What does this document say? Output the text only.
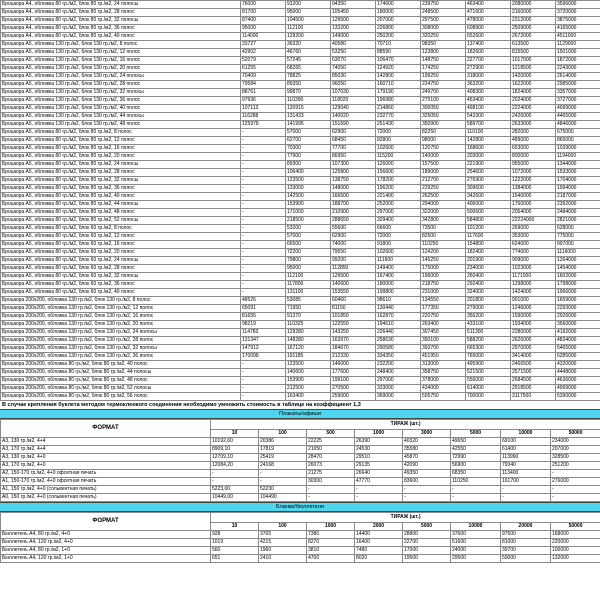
Брошюра А4, обложка 80 гр./м2, блок 80 гр./м2, 24 полосы	76000	91200	94350	174600	239750	463400	2080000	3596000
Брошюра А4, обложка 80 гр./м2, блок 80 гр./м2, 28 полос	81700	95000	105450	180000	248500	471600	2160000	3720000
Брошюра А4, обложка 80 гр./м2, блок 80 гр./м2, 32 полосы	87400	104500	129500	207000	297500	478000	2312000	3875000
Брошюра А4, обложка 80 гр./м2, блок 80 гр./м2, 36 полос	95000	112100	133200	226800	308000	608900	2509000	4165000
Брошюра А4, обложка 80 гр./м2, блок 80 гр./м2, 40 полос	114000	129200	149000	250200	320250	652600	2672000	4511000
Брошюра А5, обложка 130 гр./м2, блок 130 гр./м2, 8 полос	33727	36320	40580	70710	98350	137400	613500	1129000
Брошюра А5, обложка 130 гр./м2, блок 130 гр./м2, 12 полос	42902	46760	53250	88590	123800	182600	815500	1501000
Брошюра А5, обложка 130 гр./м2, блок 130 гр./м2, 16 полос	52079	57245	63070	106470	148750	227700	1017000	1872000
Брошюра А5, обложка 130 гр./м2, блок 130 гр./м2, 20 полос	61255	68265	74050	124920	174250	272900	1218500	2243000
Брошюра А5, обложка 130 гр./м2, блок 130 гр./м2, 24 полосы	70409	78825	85030	142800	199250	318000	1420000	2614000
Брошюра А5, обложка 130 гр./м2, блок 130 гр./м2, 28 полос	79584	89350	96050	160710	224750	363200	1622000	2985000
Брошюра А5, обложка 130 гр./м2, блок 130 гр./м2, 32 полосы	88761	99870	107030	179190	249700	408300	1824000	3357000
Брошюра А5, обложка 130 гр./м2, блок 130 гр./м2, 36 полос	97936	110390	118020	196980	275100	453400	2024000	3727000
Брошюра А5, обложка 130 гр./м2, блок 130 гр./м2, 40 полос	107113	120915	129040	214860	300050	498100	2224000	4099000
Брошюра А5, обложка 130 гр./м2, блок 130 гр./м2, 44 полосы	116288	131433	140020	232770	325050	543300	2426000	4465000
Брошюра А5, обложка 130 гр./м2, блок 130 гр./м2, 48 полос	125978	141995	151690	251430	350900	589700	2633000	4846000
Брошюра А5, обложка 80 гр./м2, блок 80 гр./м2, 8 полос	-	57000	62900	72000	82250	110100	282000	675000
Брошюра А5, обложка 80 гр./м2, блок 80 гр./м2, 12 полос	-	62700	68450	82800	98000	142800	489000	865000
Брошюра А5, обложка 80 гр./м2, блок 80 гр./м2, 16 полос	-	70300	77700	102600	120750	168600	653000	1039000
Брошюра А5, обложка 80 гр./м2, блок 80 гр./м2, 20 полос	-	77900	86950	115200	140000	203000	800000	1194000
Брошюра А5, обложка 80 гр./м2, блок 80 гр./м2, 24 полосы	-	89300	107300	126000	157500	221900	955000	1344000
Брошюра А5, обложка 80 гр./м2, блок 80 гр./м2, 28 полос	-	106400	125800	156600	189000	254600	1072000	1533000
Брошюра А5, обложка 80 гр./м2, блок 80 гр./м2, 32 полосы	-	123500	138750	178200	212700	276900	1222000	1704000
Брошюра А5, обложка 80 гр./м2, блок 80 гр./м2, 36 полос	-	133000	148000	196200	229250	309600	1384000	1994000
Брошюра А5, обложка 80 гр./м2, блок 80 гр./м2, 40 полос	-	142500	166500	221400	262500	342600	1540000	2187000
Брошюра А5, обложка 80 гр./м2, блок 80 гр./м2, 44 полосы	-	153900	188700	252000	294000	406000	1760000	2392000
Брошюра А5, обложка 80 гр./м2, блок 80 гр./м2, 48 полос	-	171000	210900	297000	322000	500600	2054000	2484000
Брошюра А5, обложка 80 гр./м2, блок 80 гр./м2, 52 полосы	-	218500	288650	329400	342800	584800	22224000	2821000
Брошюра А5, обложка 80 гр./м2, блок 60 гр./м2, 8 полос	-	53200	55600	66600	73500	101200	269000	628000
Брошюра А5, обложка 80 гр./м2, блок 60 гр./м2, 12 полос	-	57000	62900	72000	82500	117600	353000	775000
Брошюра А5, обложка 80 гр./м2, блок 60 гр./м2, 16 полос	-	66500	74000	91800	110250	154800	624000	997000
Брошюра А5, обложка 80 гр./м2, блок 60 гр./м2, 20 полос	-	72200	79550	102600	124200	182400	774000	1116000
Брошюра А5, обложка 80 гр./м2, блок 60 гр./м2, 24 полосы	-	79800	99200	111600	145250	201900	909000	1264000
Брошюра А5, обложка 80 гр./м2, блок 60 гр./м2, 28 полос	-	95000	112850	149400	175000	234000	1023000	1454000
Брошюра А5, обложка 80 гр./м2, блок 60 гр./м2, 32 полосы	-	112100	129500	167400	196000	260400	1171000	1602000
Брошюра А5, обложка 80 гр./м2, блок 60 гр./м2, 36 полос	-	117800	140600	180000	218750	292400	1298000	1798000
Брошюра А5, обложка 80 гр./м2, блок 60 гр./м2, 40 полос	-	131100	153550	199800	231000	324000	1424000	1966000
Брошюра 200х200, обложка 130 гр./м2, блок 130 гр./м2, 8 полос	48526	53085	60460	98610	134550	201800	901000	1659000
Брошюра 200х200, обложка 130 гр./м2, блок 130 гр./м2, 12 полос	65091	71950	81150	130440	177350	279000	1246000	2293000
Брошюра 200х200, обложка 130 гр./м2, блок 130 гр./м2, 16 полос	81655	91370	101850	162870	220750	356200	1590000	2926000
Брошюра 200х200, обложка 130 гр./м2, блок 130 гр./м2, 20 полос	98219	110325	122550	194610	263400	433100	1934000	3560000
Брошюра 200х200, обложка 130 гр./м2, блок 130 гр./м2, 24 полосы	114783	129280	143250	226440	307450	511300	2280000	4192000
Брошюра 200х200, обложка 130 гр./м2, блок 130 гр./м2, 28 полос	131347	148280	163970	258630	350100	588200	2626000	4834000
Брошюра 200х200, обложка 130 гр./м2, блок 130 гр./м2, 32 полосы	147912	167120	184670	290580	393700	665300	2970000	5465000
Брошюра 200х200, обложка 130 гр./м2, блок 130 гр./м2, 36 полос	170098	191185	212330	334350	451950	765000	3414000	6285000
Брошюра 200х200, обложка 80 гр./м2, блок 80 гр./м2, 40 полос	-	123500	146000	232200	313000	495900	2466500	4320000
Брошюра 200х200, обложка 80 гр./м2, блок 80 гр./м2, 44 полосы	-	140600	177600	248400	358750	521500	2571500	4448000
Брошюра 200х200, обложка 80 гр./м2, блок 80 гр./м2, 48 полос	-	153900	199100	297000	378000	556000	2684500	4636000
Брошюра 200х200, обложка 80 гр./м2, блок 80 гр./м2, 52 полосы	-	212500	270500	333000	434000	614000	2918500	4999000
Брошюра 200х200, обложка 80 гр./м2, блок 80 гр./м2, 56 полос	-	163400	259000	369000	505750	700000	3117500	5390000
В случае крепления буклета методом термоклеевого соединения необходимо умножить стоимость в таблице на коэффициент 1,3
Плакаты/афиши
ФОРМАТ	ТИРАЖ (шт.)							
	10	100	500	1000	3000	5000	10000	50000
А3, 130 гр./м2, 4+4	10192,60	20386	22225	26390	40320	49650	69100	234000
А3, 170 гр./м2, 4+4	8909,10	17819	21050	24530	35580	42550	61400	207000
А3, 130 гр./м2, 4+0	12709,10	25419	28470	29510	45870	72990	113990	328500
А3, 170 гр./м2, 4+0	12084,20	24168	26073	29135	42090	56900	79340	251200
А2, 150-170 гр./м2, 4+0 офсетная печать	-	-	21275	26640	49350	68350	113400	-
А1, 150-170 гр./м2, 4+0 офсетная печать	-	-	30300	47770	83600	110250	161700	276000
А1, 150 гр./м2, 4+0 (сольвентная печать)	5223,00	52230	-	-	-	-	-	-
А0, 150 гр./м2, 4+0 (сольвентная печать)	10449,00	104490	-	-	-	-	-	-
Бланки/бюллетени
ФОРМАТ	ТИРАЖ (шт.)							
	10	100	1000	2000	5000	10000	20000	50000
Бюллетень А4, 80 гр./м2, 4+0	928	3765	7380	14400	28800	37600	97500	168000
Бюллетень А4, 120 гр./м2, 4+0	1019	4215	8270	16400	22700	51600	81000	220000
Бюллетень А4, 80 гр./м2, 1+0	560	1960	3810	7480	17000	24000	39700	100000
Бюллетень А4, 120 гр./м2, 1+0	651	2410	4700	8020	19500	29500	50000	132000
